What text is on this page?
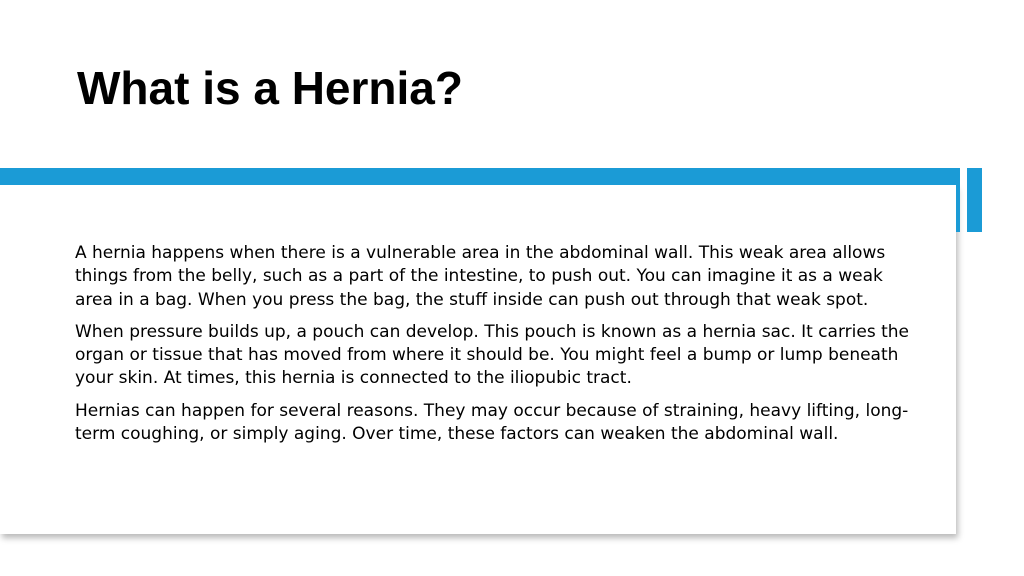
What is a Hernia?

A hernia happens when there is a vulnerable area in the abdominal wall. This weak area allows things from the belly, such as a part of the intestine, to push out. You can imagine it as a weak area in a bag. When you press the bag, the stuff inside can push out through that weak spot.

When pressure builds up, a pouch can develop. This pouch is known as a hernia sac. It carries the organ or tissue that has moved from where it should be. You might feel a bump or lump beneath your skin. At times, this hernia is connected to the iliopubic tract.

Hernias can happen for several reasons. They may occur because of straining, heavy lifting, long-term coughing, or simply aging. Over time, these factors can weaken the abdominal wall.
